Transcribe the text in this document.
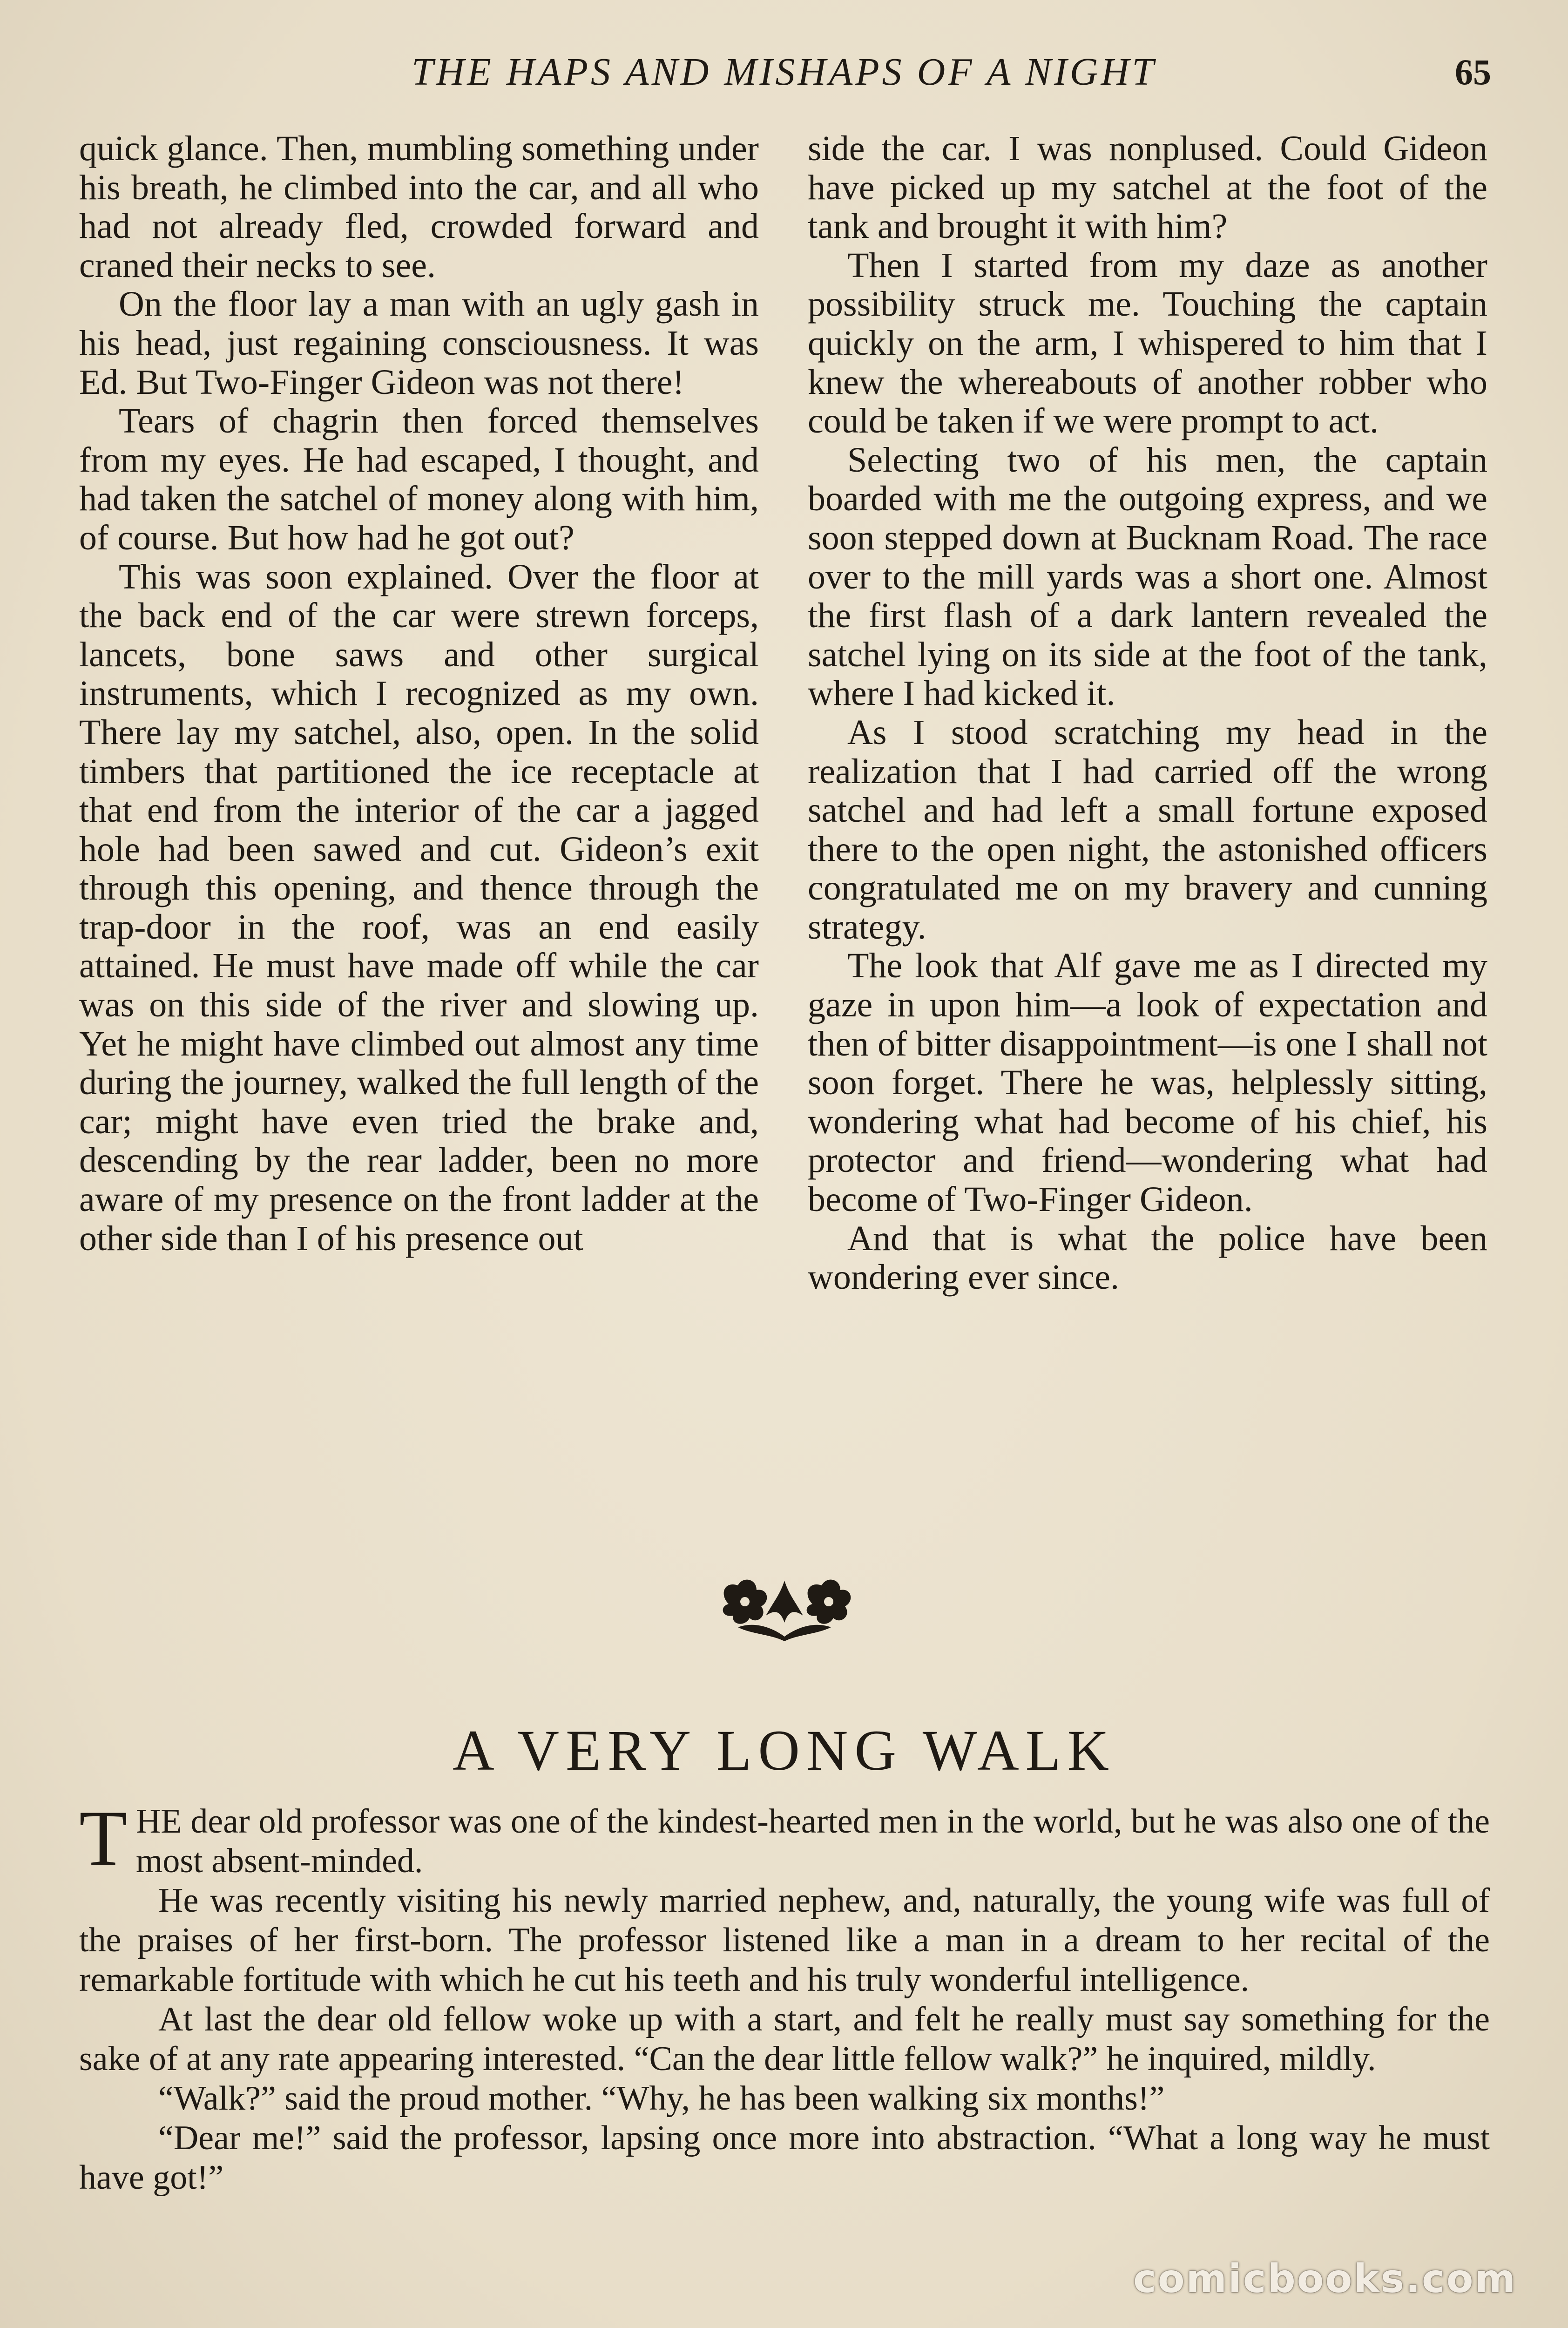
THE HAPS AND MISHAPS OF A NIGHT	65

quick glance. Then, mumbling something under his breath, he climbed into the car, and all who had not already fled, crowded forward and craned their necks to see.

On the floor lay a man with an ugly gash in his head, just regaining consciousness. It was Ed. But Two-Finger Gideon was not there!

Tears of chagrin then forced themselves from my eyes. He had escaped, I thought, and had taken the satchel of money along with him, of course. But how had he got out?

This was soon explained. Over the floor at the back end of the car were strewn forceps, lancets, bone saws and other surgical instruments, which I recognized as my own. There lay my satchel, also, open. In the solid timbers that partitioned the ice receptacle at that end from the interior of the car a jagged hole had been sawed and cut. Gideon’s exit through this opening, and thence through the trap-door in the roof, was an end easily attained. He must have made off while the car was on this side of the river and slowing up. Yet he might have climbed out almost any time during the journey, walked the full length of the car; might have even tried the brake and, descending by the rear ladder, been no more aware of my presence on the front ladder at the other side than I of his presence out

side the car. I was nonplused. Could Gideon have picked up my satchel at the foot of the tank and brought it with him?

Then I started from my daze as another possibility struck me. Touching the captain quickly on the arm, I whispered to him that I knew the whereabouts of another robber who could be taken if we were prompt to act.

Selecting two of his men, the captain boarded with me the outgoing express, and we soon stepped down at Bucknam Road. The race over to the mill yards was a short one. Almost the first flash of a dark lantern revealed the satchel lying on its side at the foot of the tank, where I had kicked it.

As I stood scratching my head in the realization that I had carried off the wrong satchel and had left a small fortune exposed there to the open night, the astonished officers congratulated me on my bravery and cunning strategy.

The look that Alf gave me as I directed my gaze in upon him—a look of expectation and then of bitter disappointment—is one I shall not soon forget. There he was, helplessly sitting, wondering what had become of his chief, his protector and friend—wondering what had become of Two-Finger Gideon.

And that is what the police have been wondering ever since.

A VERY LONG WALK

THE dear old professor was one of the kindest-hearted men in the world, but he was also one of the most absent-minded.

He was recently visiting his newly married nephew, and, naturally, the young wife was full of the praises of her first-born. The professor listened like a man in a dream to her recital of the remarkable fortitude with which he cut his teeth and his truly wonderful intelligence.

At last the dear old fellow woke up with a start, and felt he really must say something for the sake of at any rate appearing interested. “Can the dear little fellow walk?” he inquired, mildly.

“Walk?” said the proud mother. “Why, he has been walking six months!”

“Dear me!” said the professor, lapsing once more into abstraction. “What a long way he must have got!”

comicbooks.com
